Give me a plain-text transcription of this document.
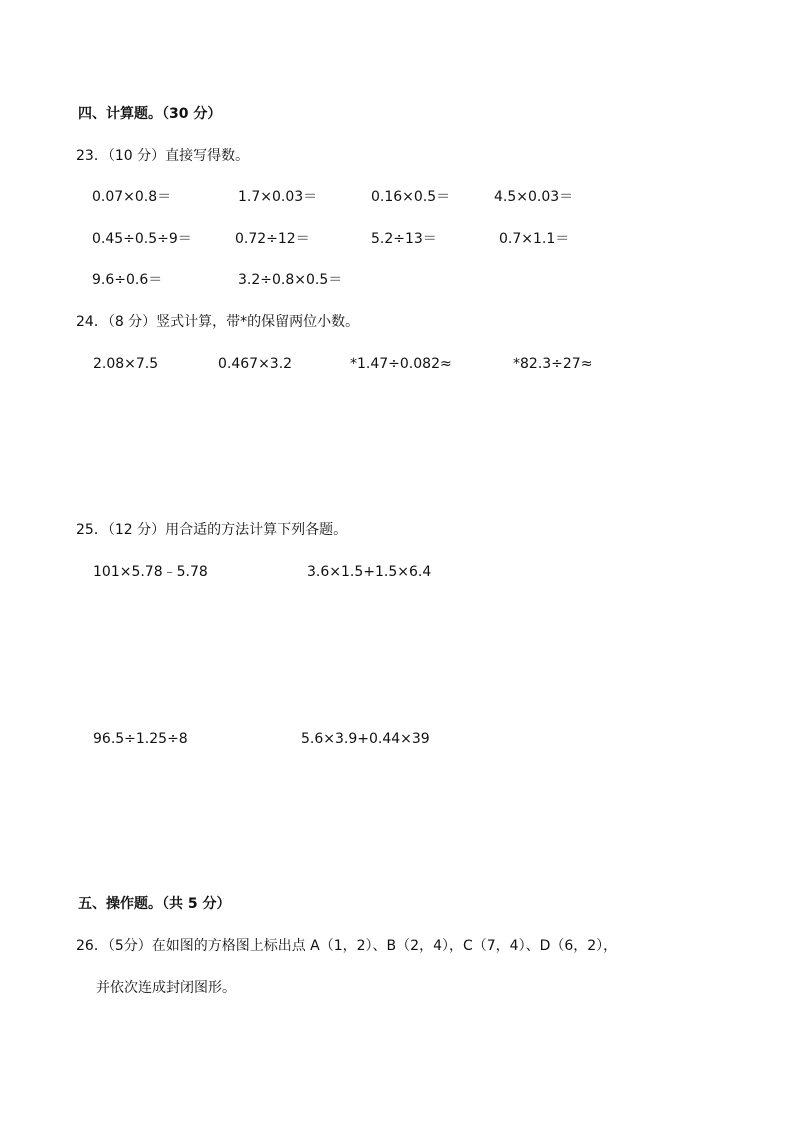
四、计算题。（30 分）
23．（10 分）直接写得数。
0.07×0.8＝	1.7×0.03＝	0.16×0.5＝	4.5×0.03＝
0.45÷0.5÷9＝	0.72÷12＝	5.2÷13＝	0.7×1.1＝
9.6÷0.6＝	3.2÷0.8×0.5＝
24．（8 分）竖式计算，带*的保留两位小数。
2.08×7.5	0.467×3.2	*1.47÷0.082≈	*82.3÷27≈
25．（12 分）用合适的方法计算下列各题。
101×5.78﹣5.78	3.6×1.5+1.5×6.4
96.5÷1.25÷8	5.6×3.9+0.44×39
五、操作题。（共 5 分）
26．（5分）在如图的方格图上标出点 A（1，2）、B（2，4），C（7，4）、D（6，2），
并依次连成封闭图形。
